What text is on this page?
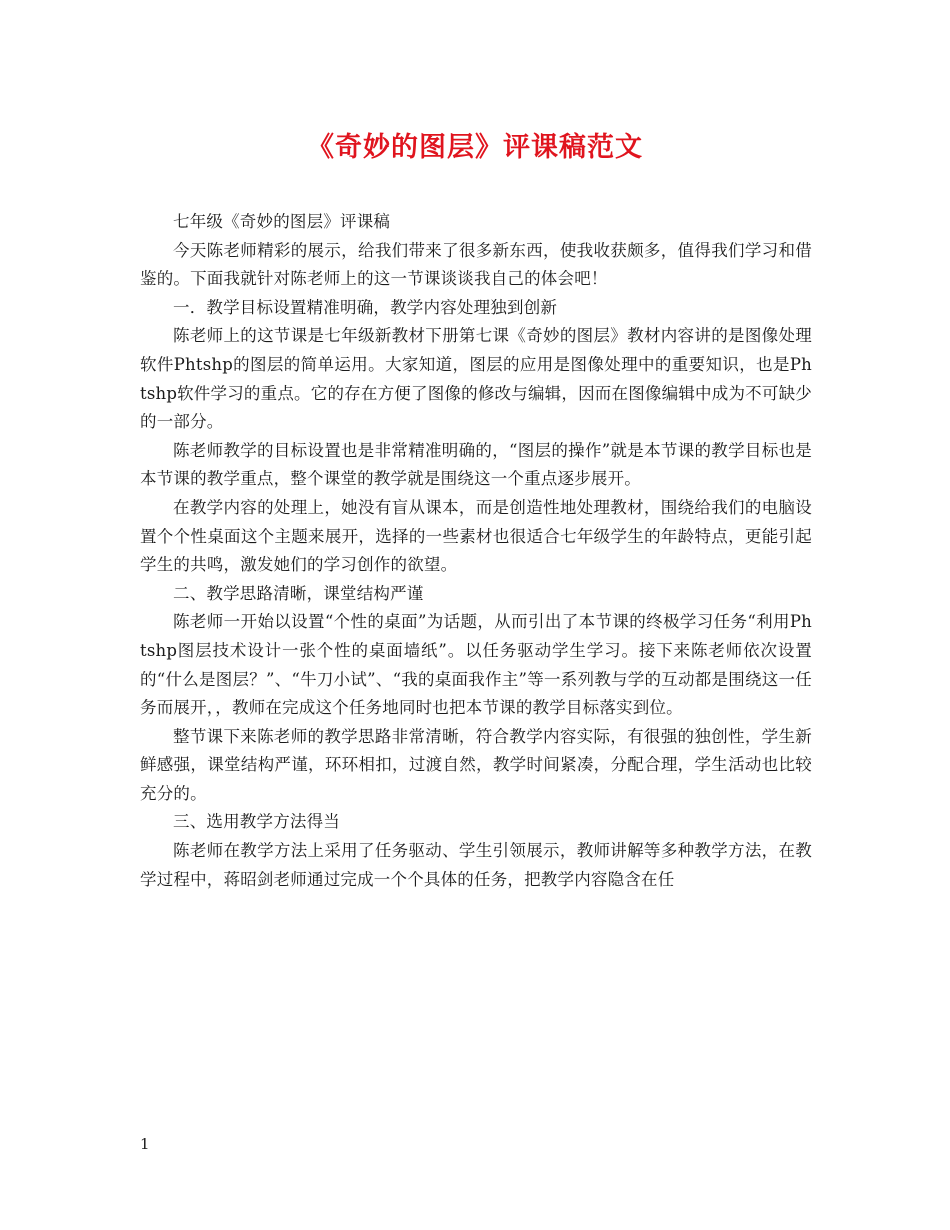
《奇妙的图层》评课稿范文

七年级《奇妙的图层》评课稿

今天陈老师精彩的展示，给我们带来了很多新东西，使我收获颇多，值得我们学习和借鉴的。下面我就针对陈老师上的这一节课谈谈我自己的体会吧！

一．教学目标设置精准明确，教学内容处理独到创新

陈老师上的这节课是七年级新教材下册第七课《奇妙的图层》教材内容讲的是图像处理软件Phtshp的图层的简单运用。大家知道，图层的应用是图像处理中的重要知识，也是Phtshp软件学习的重点。它的存在方便了图像的修改与编辑，因而在图像编辑中成为不可缺少的一部分。

陈老师教学的目标设置也是非常精准明确的，“图层的操作”就是本节课的教学目标也是本节课的教学重点，整个课堂的教学就是围绕这一个重点逐步展开。

在教学内容的处理上，她没有盲从课本，而是创造性地处理教材，围绕给我们的电脑设置个个性桌面这个主题来展开，选择的一些素材也很适合七年级学生的年龄特点，更能引起学生的共鸣，激发她们的学习创作的欲望。

二、教学思路清晰，课堂结构严谨

陈老师一开始以设置“个性的桌面”为话题，从而引出了本节课的终极学习任务“利用Phtshp图层技术设计一张个性的桌面墙纸”。以任务驱动学生学习。接下来陈老师依次设置的“什么是图层？”、“牛刀小试”、“我的桌面我作主”等一系列教与学的互动都是围绕这一任务而展开，，教师在完成这个任务地同时也把本节课的教学目标落实到位。

整节课下来陈老师的教学思路非常清晰，符合教学内容实际，有很强的独创性，学生新鲜感强，课堂结构严谨，环环相扣，过渡自然，教学时间紧凑，分配合理，学生活动也比较充分的。

三、选用教学方法得当

陈老师在教学方法上采用了任务驱动、学生引领展示，教师讲解等多种教学方法，在教学过程中，蒋昭剑老师通过完成一个个具体的任务，把教学内容隐含在任

1
